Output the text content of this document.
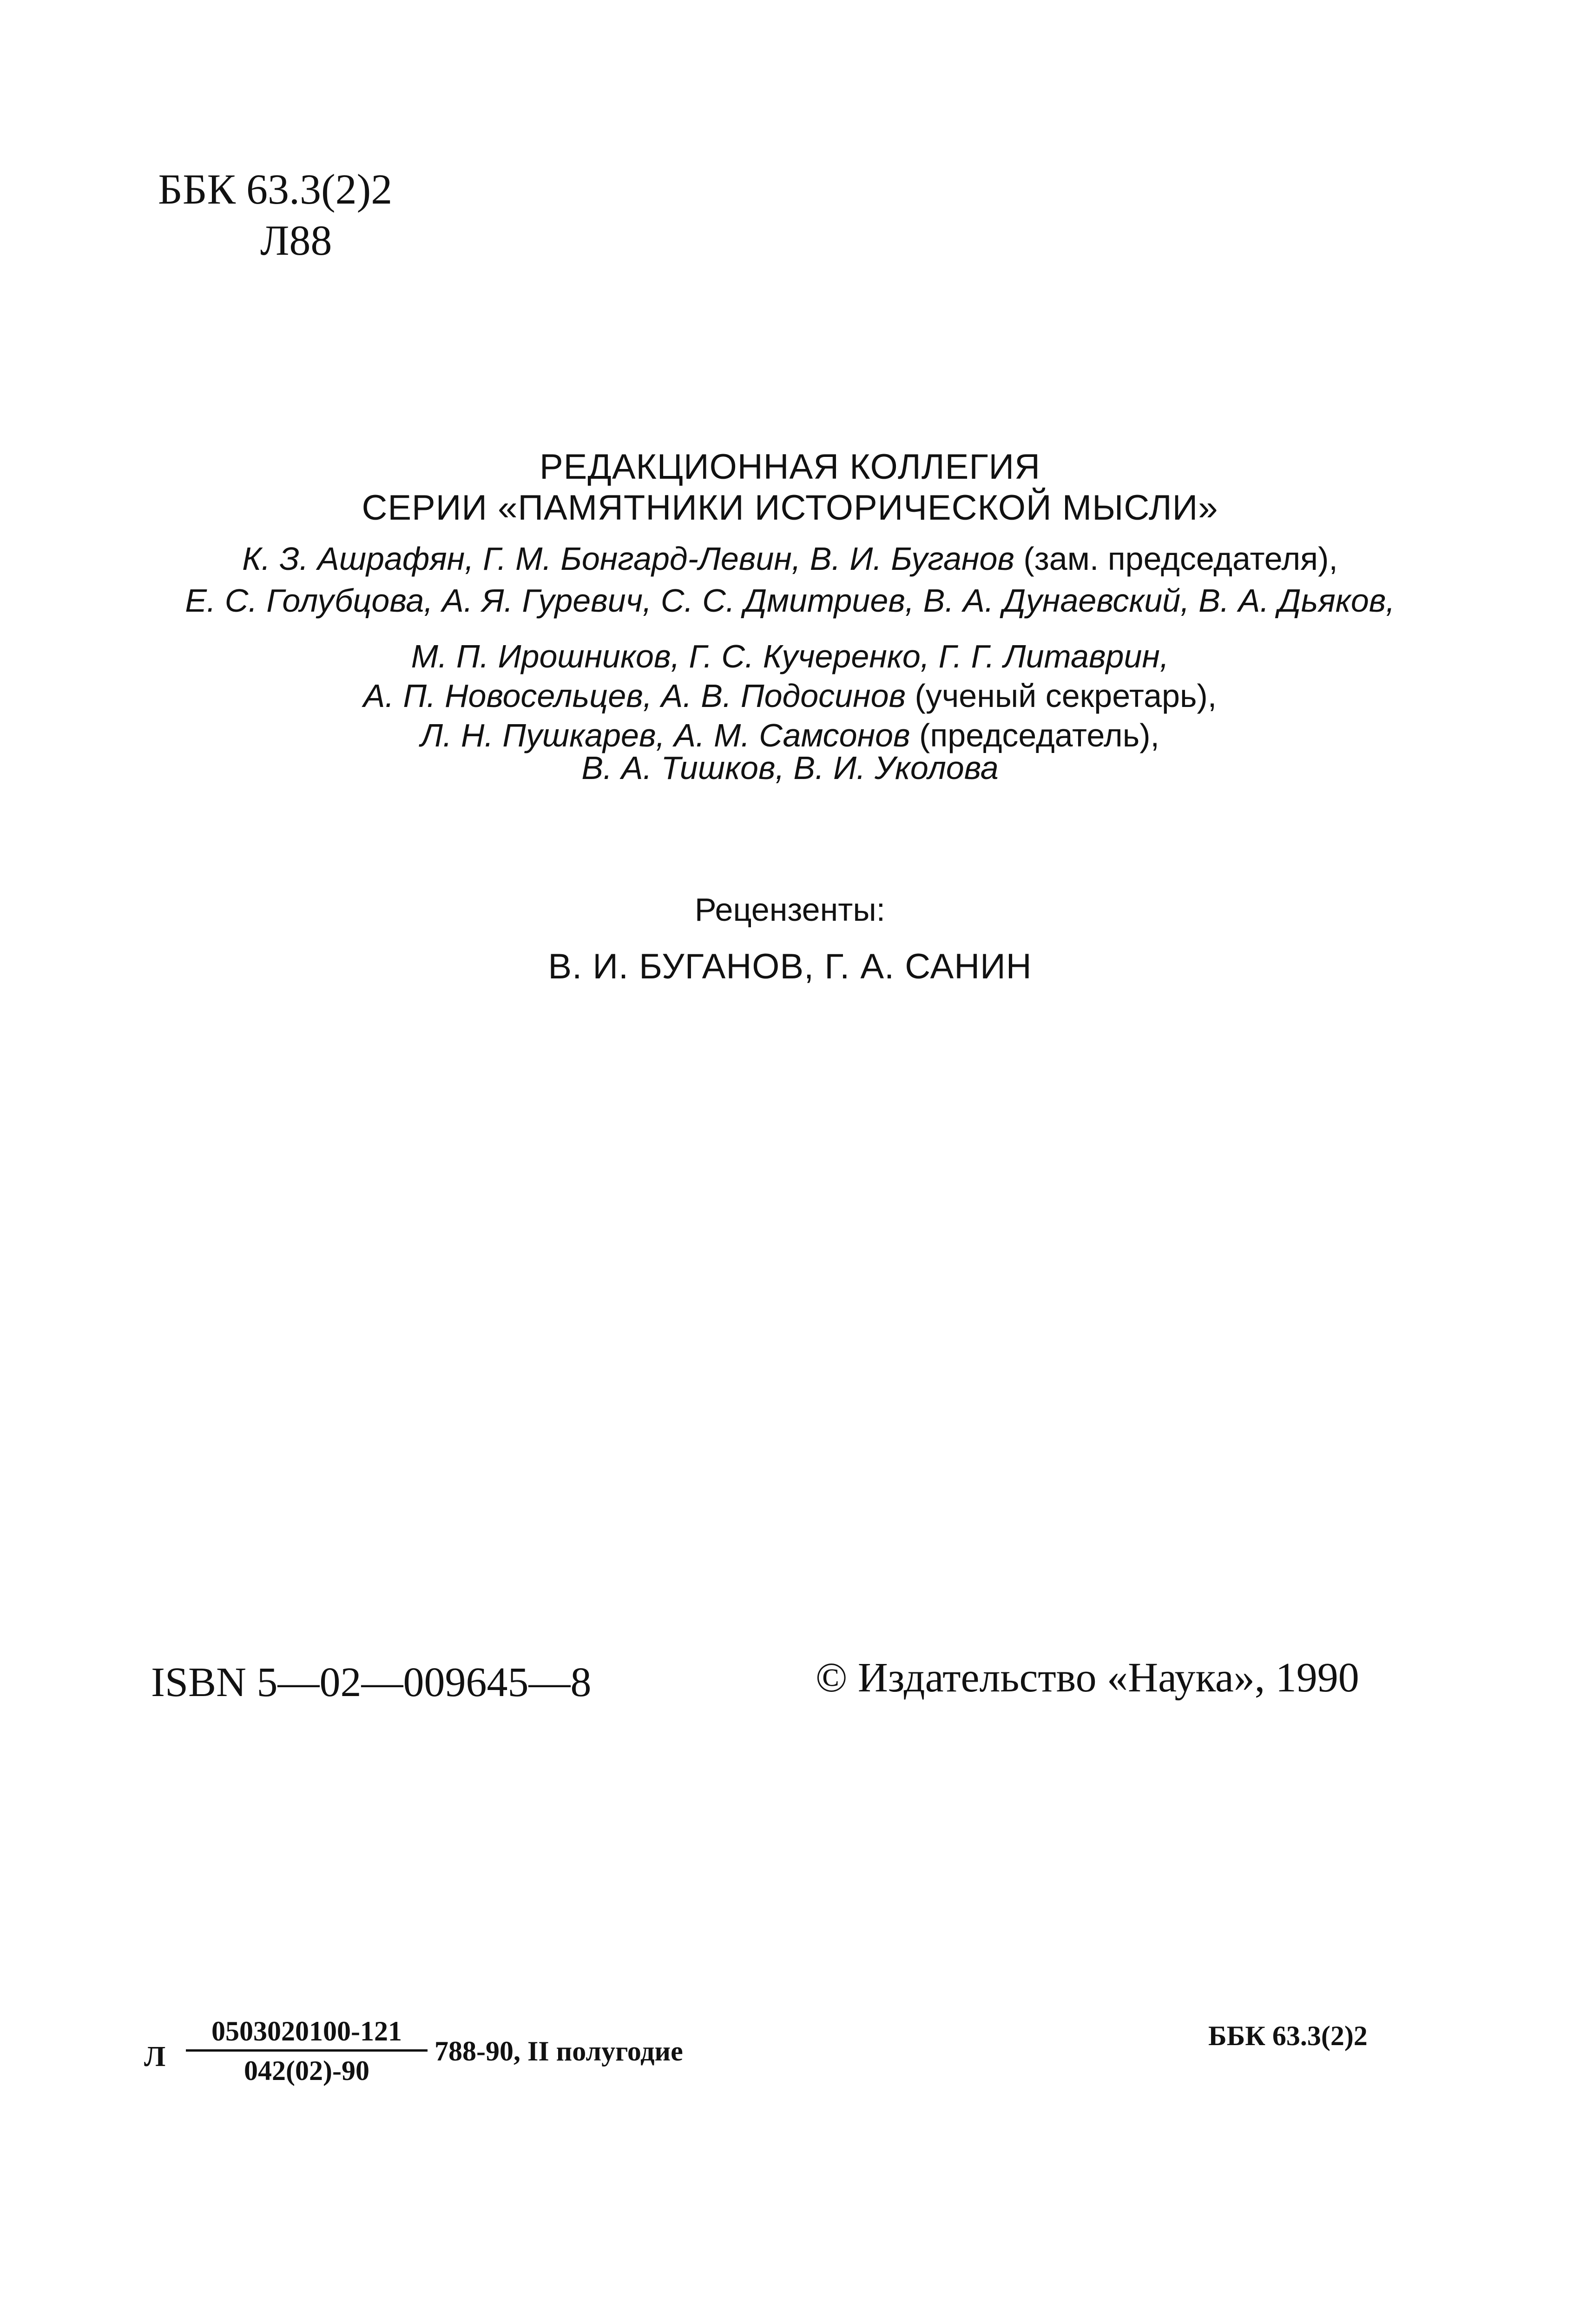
ББК 63.3(2)2
Л88
РЕДАКЦИОННАЯ КОЛЛЕГИЯ
СЕРИИ «ПАМЯТНИКИ ИСТОРИЧЕСКОЙ МЫСЛИ»
К. З. Ашрафян, Г. М. Бонгард-Левин, В. И. Буганов (зам. председателя),
Е. С. Голубцова, А. Я. Гуревич, С. С. Дмитриев, В. А. Дунаевский, В. А. Дьяков,
М. П. Ирошников, Г. С. Кучеренко, Г. Г. Литаврин,
А. П. Новосельцев, А. В. Подосинов (ученый секретарь),
Л. Н. Пушкарев, А. М. Самсонов (председатель),
В. А. Тишков, В. И. Уколова
Рецензенты:
В. И. БУГАНОВ, Г. А. САНИН
Л
0503020100-121
042(02)-90
788-90, II полугодие	ББК 63.3(2)2
ISBN 5—02—009645—8	© Издательство «Наука», 1990
